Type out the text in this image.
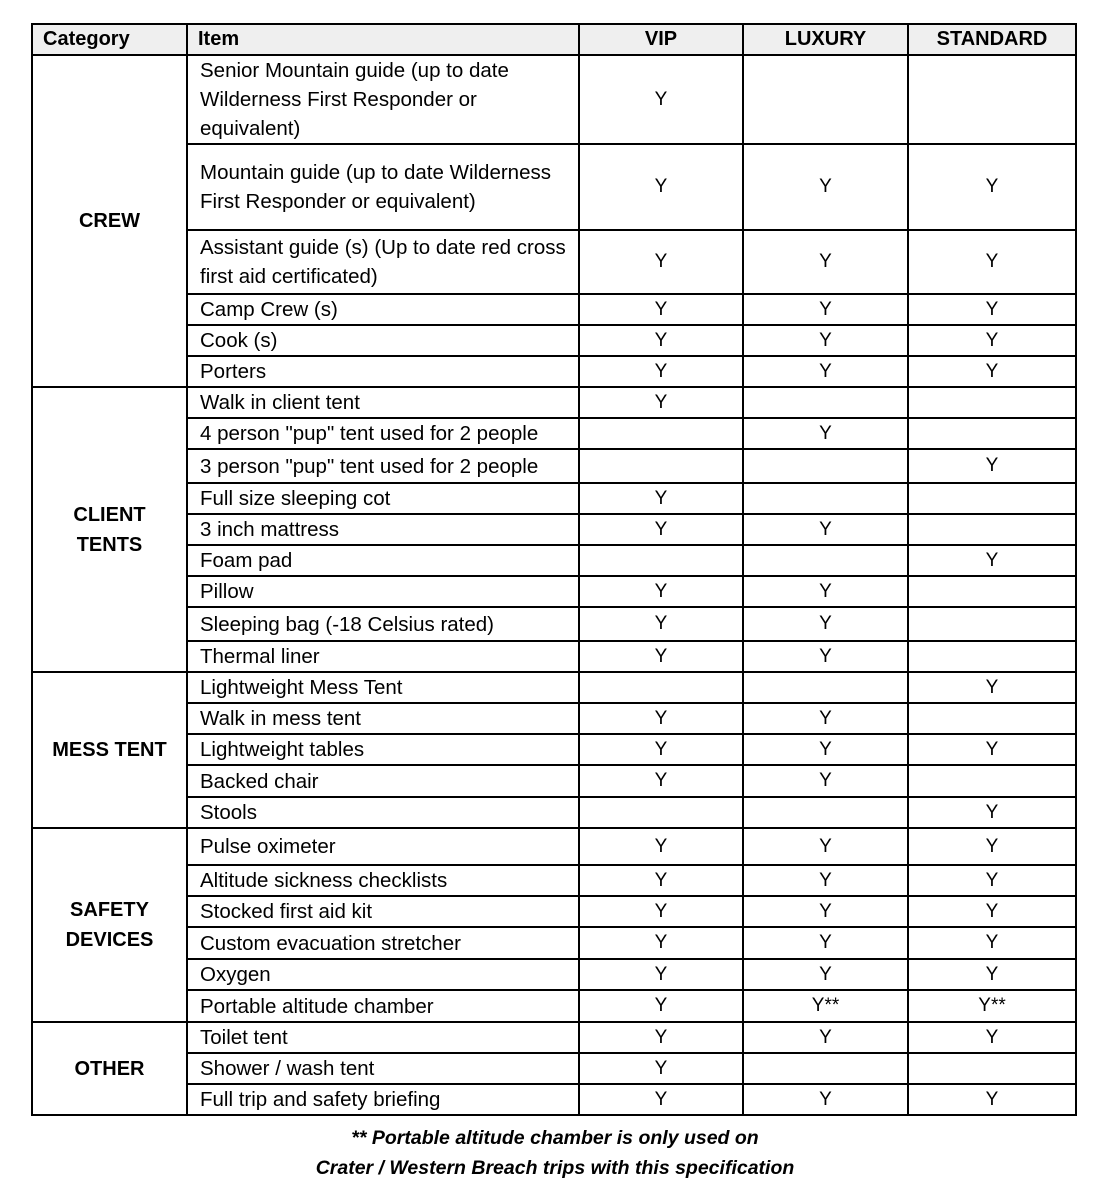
Category	Item	VIP	LUXURY	STANDARD
CREW	Senior Mountain guide (up to date Wilderness First Responder or equivalent)	Y		
	Mountain guide (up to date Wilderness First Responder or equivalent)	Y	Y	Y
	Assistant guide (s) (Up to date red cross first aid certificated)	Y	Y	Y
	Camp Crew (s)	Y	Y	Y
	Cook (s)	Y	Y	Y
	Porters	Y	Y	Y
CLIENT TENTS	Walk in client tent	Y		
	4 person "pup" tent used for 2 people		Y	
	3 person "pup" tent used for 2 people			Y
	Full size sleeping cot	Y		
	3 inch mattress	Y	Y	
	Foam pad			Y
	Pillow	Y	Y	
	Sleeping bag (-18 Celsius rated)	Y	Y	
	Thermal liner	Y	Y	
MESS TENT	Lightweight Mess Tent			Y
	Walk in mess tent	Y	Y	
	Lightweight tables	Y	Y	Y
	Backed chair	Y	Y	
	Stools			Y
SAFETY DEVICES	Pulse oximeter	Y	Y	Y
	Altitude sickness checklists	Y	Y	Y
	Stocked first aid kit	Y	Y	Y
	Custom evacuation stretcher	Y	Y	Y
	Oxygen	Y	Y	Y
	Portable altitude chamber	Y	Y**	Y**
OTHER	Toilet tent	Y	Y	Y
	Shower / wash tent	Y		
	Full trip and safety briefing	Y	Y	Y
** Portable altitude chamber is only used on
Crater / Western Breach trips with this specification
